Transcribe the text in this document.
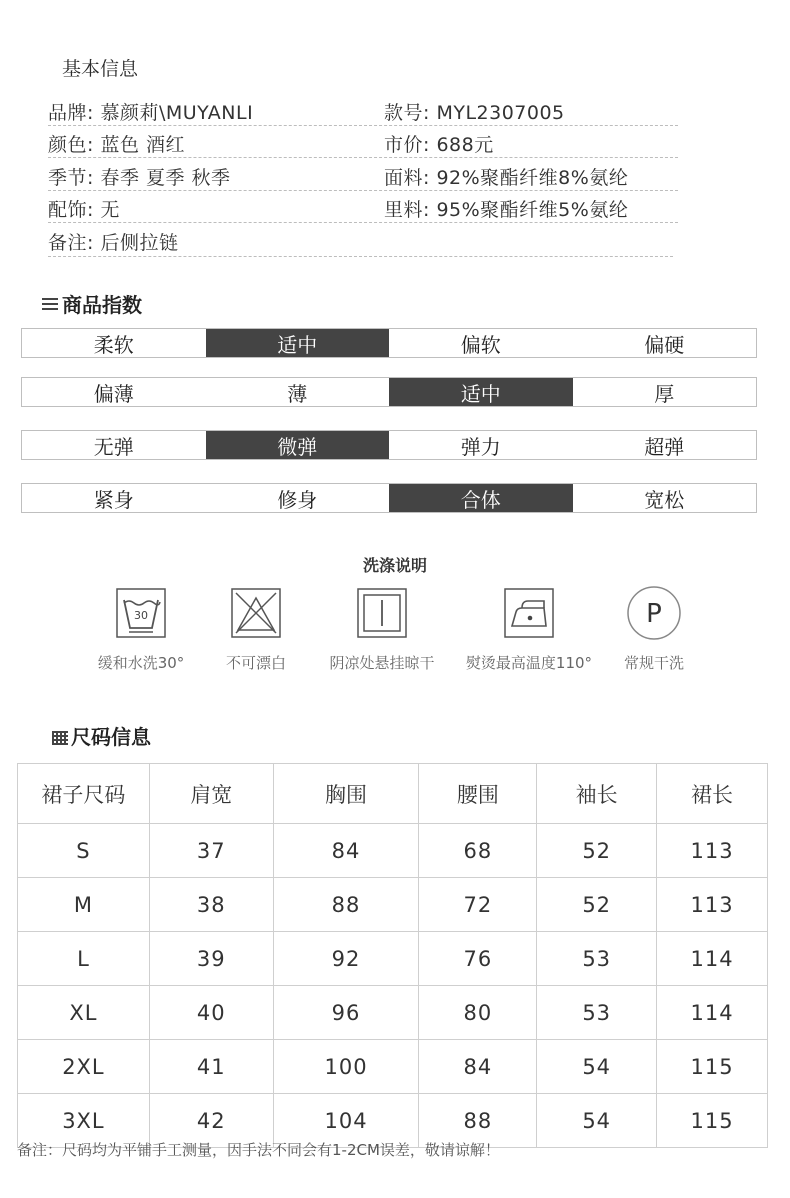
基本信息
品牌: 慕颜莉\MUYANLI	款号: MYL2307005
颜色: 蓝色 酒红	市价: 688元
季节: 春季 夏季 秋季	面料: 92%聚酯纤维8%氨纶
配饰: 无	里料: 95%聚酯纤维5%氨纶
备注: 后侧拉链
商品指数
柔软	适中	偏软	偏硬
偏薄	薄	适中	厚
无弹	微弹	弹力	超弹
紧身	修身	合体	宽松
洗涤说明
30
缓和水洗30°	不可漂白	阴凉处悬挂晾干	熨烫最高温度110°
P
常规干洗
尺码信息
裙子尺码	肩宽	胸围	腰围	袖长	裙长
S	37	84	68	52	113
M	38	88	72	52	113
L	39	92	76	53	114
XL	40	96	80	53	114
2XL	41	100	84	54	115
3XL	42	104	88	54	115
备注：尺码均为平铺手工测量，因手法不同会有1-2CM误差，敬请谅解！
